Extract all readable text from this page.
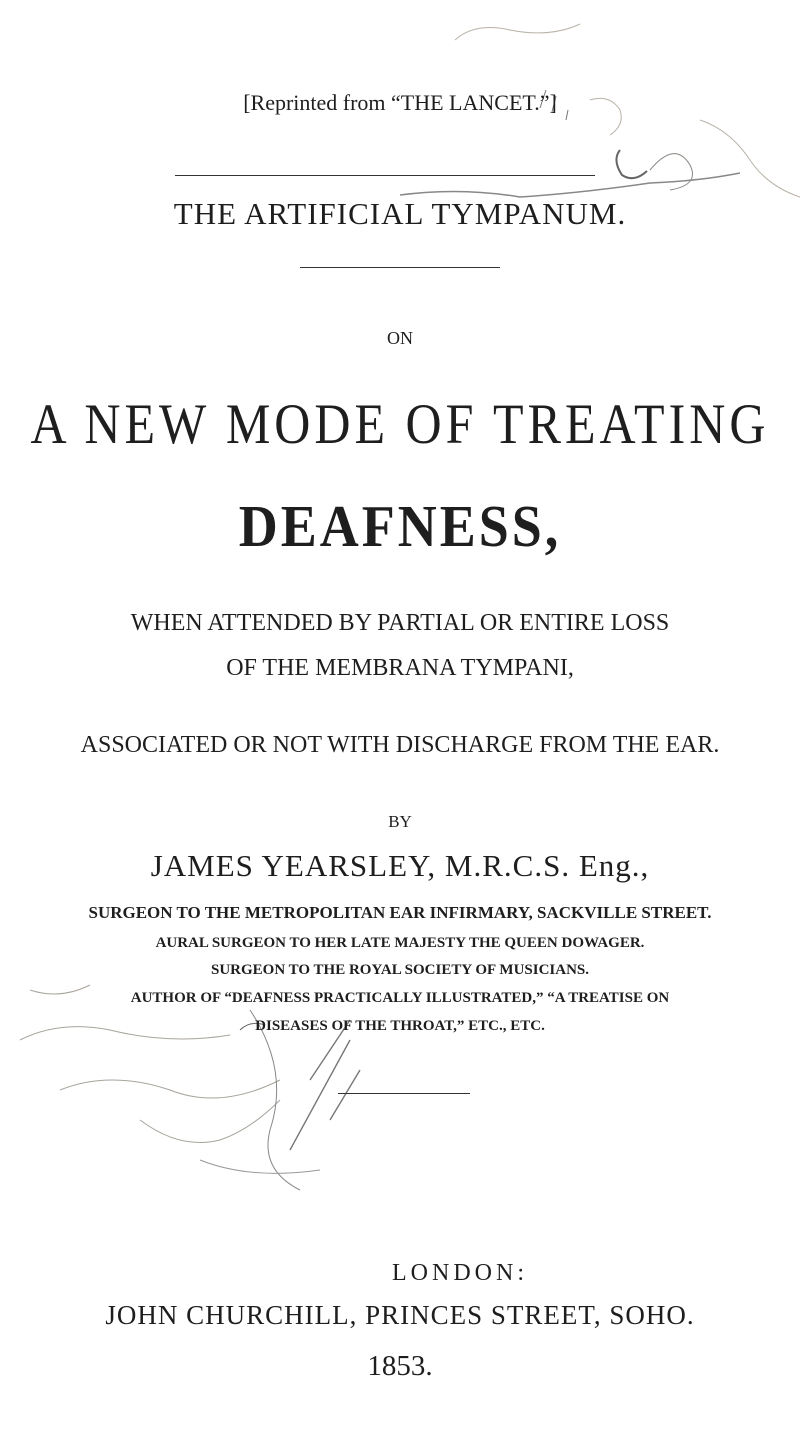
[Reprinted from “THE LANCET.”]
THE ARTIFICIAL TYMPANUM.
ON
A NEW MODE OF TREATING
DEAFNESS,
WHEN ATTENDED BY PARTIAL OR ENTIRE LOSS
OF THE MEMBRANA TYMPANI,
ASSOCIATED OR NOT WITH DISCHARGE FROM THE EAR.
BY
JAMES YEARSLEY, M.R.C.S. Eng.,
SURGEON TO THE METROPOLITAN EAR INFIRMARY, SACKVILLE STREET.
AURAL SURGEON TO HER LATE MAJESTY THE QUEEN DOWAGER.
SURGEON TO THE ROYAL SOCIETY OF MUSICIANS.
AUTHOR OF “DEAFNESS PRACTICALLY ILLUSTRATED,” “A TREATISE ON
DISEASES OF THE THROAT,” ETC., ETC.
LONDON:
JOHN CHURCHILL, PRINCES STREET, SOHO.
1853.
